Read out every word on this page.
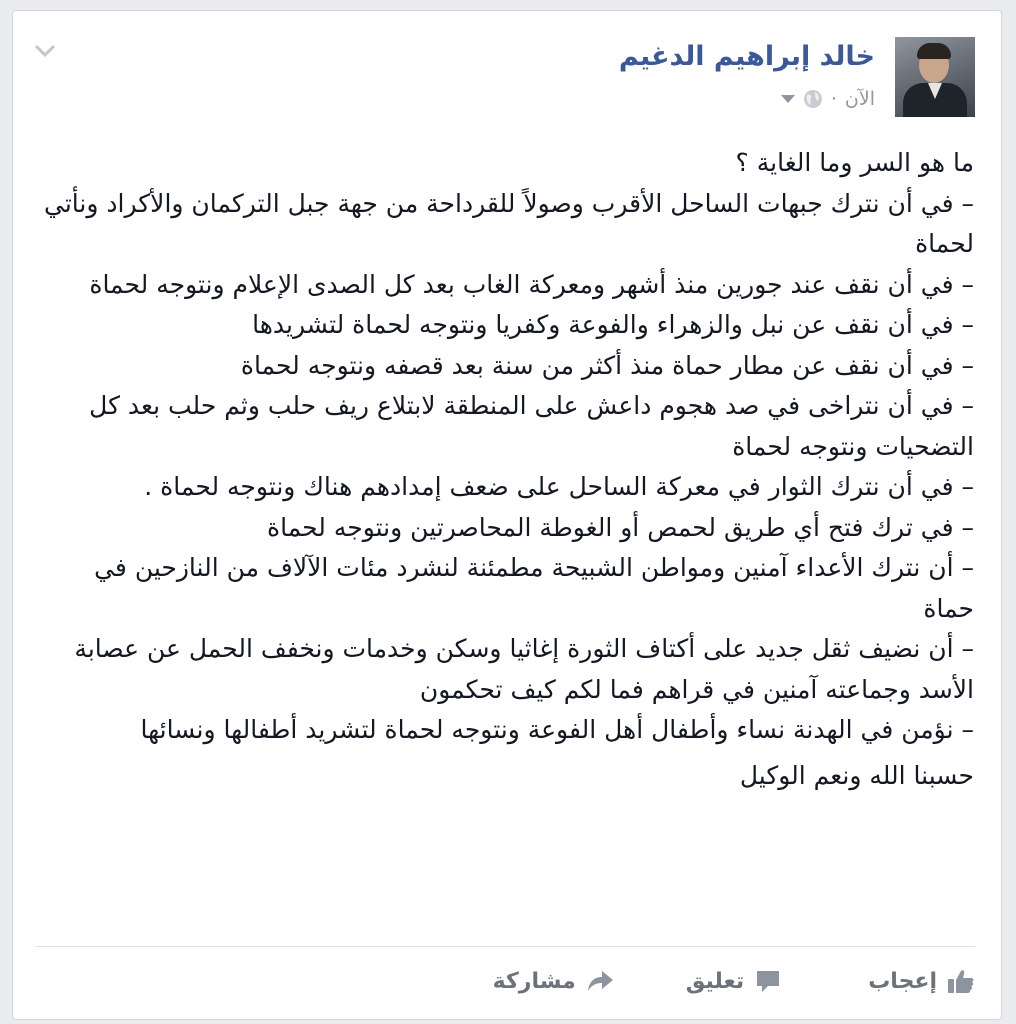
خالد إبراهيم الدغيم
الآن
·
ما هو السر وما الغاية ؟
– في أن نترك جبهات الساحل الأقرب وصولاً للقرداحة من جهة جبل التركمان والأكراد ونأتي لحماة
– في أن نقف عند جورين منذ أشهر ومعركة الغاب بعد كل الصدى الإعلام ونتوجه لحماة
– في أن نقف عن نبل والزهراء والفوعة وكفريا ونتوجه لحماة لتشريدها
– في أن نقف عن مطار حماة منذ أكثر من سنة بعد قصفه ونتوجه لحماة
– في أن نتراخى في صد هجوم داعش على المنطقة لابتلاع ريف حلب وثم حلب بعد كل التضحيات ونتوجه لحماة
– في أن نترك الثوار في معركة الساحل على ضعف إمدادهم هناك ونتوجه لحماة .
– في ترك فتح أي طريق لحمص أو الغوطة المحاصرتين ونتوجه لحماة
– أن نترك الأعداء آمنين ومواطن الشبيحة مطمئنة لنشرد مئات الآلاف من النازحين في حماة
– أن نضيف ثقل جديد على أكتاف الثورة إغاثيا وسكن وخدمات ونخفف الحمل عن عصابة الأسد وجماعته آمنين في قراهم فما لكم كيف تحكمون
– نؤمن في الهدنة نساء وأطفال أهل الفوعة ونتوجه لحماة لتشريد أطفالها ونسائها
حسبنا الله ونعم الوكيل
إعجاب
تعليق
مشاركة
